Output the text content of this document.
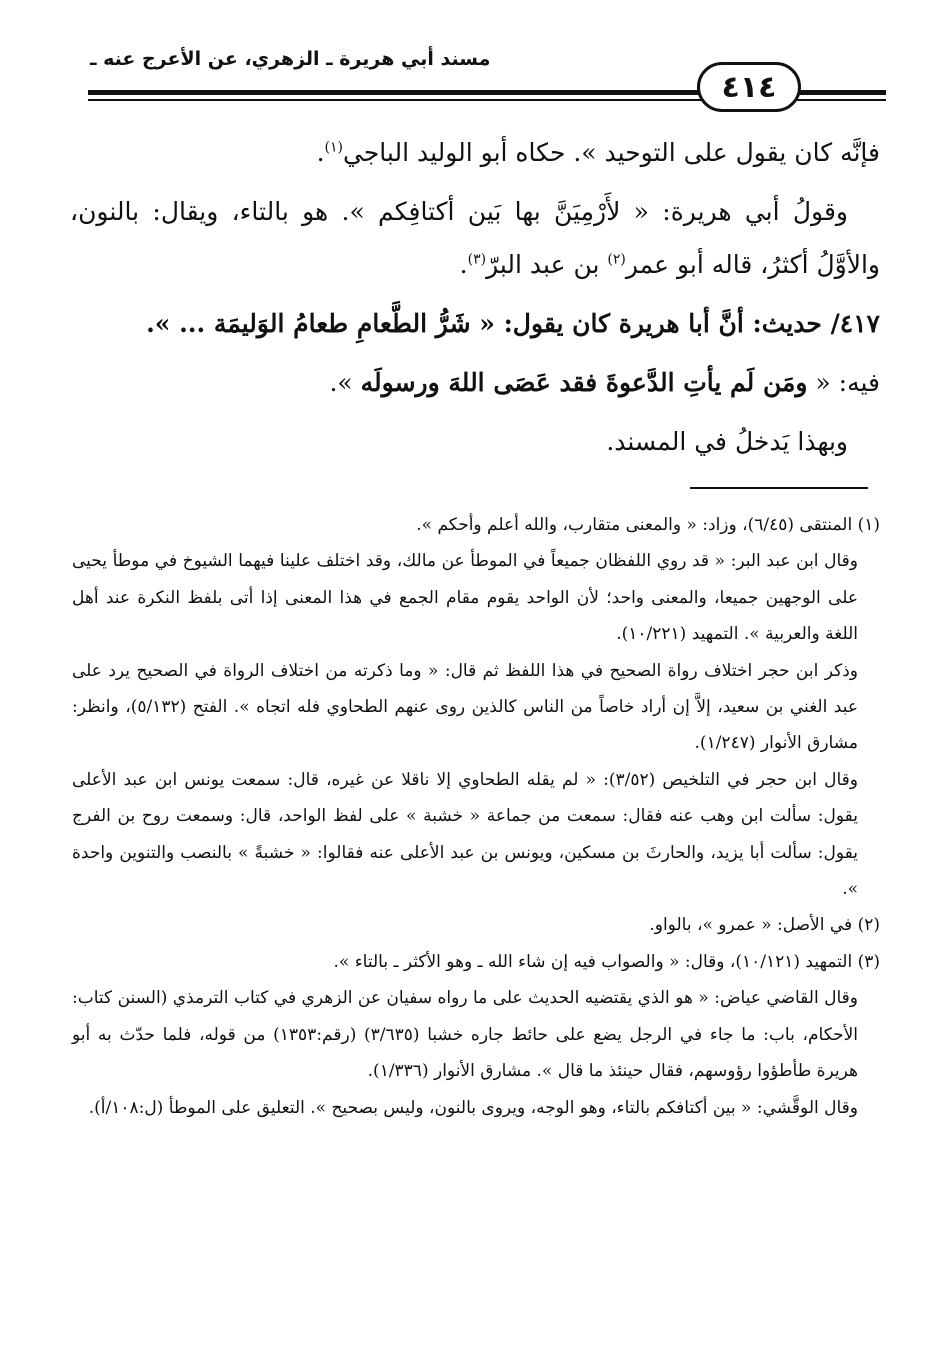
مسند أبي هريرة ـ الزهري، عن الأعرج عنه ـ
٤١٤

فإنَّه كان يقول على التوحيد ». حكاه أبو الوليد الباجي$^{(١)}$.

وقولُ أبي هريرة: « لأَرْمِيَنَّ بها بَين أكتافِكم ». هو بالتاء، ويقال: بالنون، والأوَّلُ أكثرُ، قاله أبو عمر$^{(٢)}$ بن عبد البرّ$^{(٣)}$.

٤١٧/ حديث: أنَّ أبا هريرة كان يقول: « شَرُّ الطَّعامِ طعامُ الوَليمَة ... ».

فيه: « ومَن لَم يأتِ الدَّعوةَ فقد عَصَى اللهَ ورسولَه ».

وبهذا يَدخلُ في المسند.

(١) المنتقى (٦/٤٥)، وزاد: « والمعنى متقارب، والله أعلم وأحكم ».

وقال ابن عبد البر: « قد روي اللفظان جميعاً في الموطأ عن مالك، وقد اختلف علينا فيهما الشيوخ في موطأ يحيى على الوجهين جميعا، والمعنى واحد؛ لأن الواحد يقوم مقام الجمع في هذا المعنى إذا أتى بلفظ النكرة عند أهل اللغة والعربية ». التمهيد (١٠/٢٢١).

وذكر ابن حجر اختلاف رواة الصحيح في هذا اللفظ ثم قال: « وما ذكرته من اختلاف الرواة في الصحيح يرد على عبد الغني بن سعيد، إلاَّ إن أراد خاصاً من الناس كالذين روى عنهم الطحاوي فله اتجاه ». الفتح (٥/١٣٢)، وانظر: مشارق الأنوار (١/٢٤٧).

وقال ابن حجر في التلخيص (٣/٥٢): « لم يقله الطحاوي إلا ناقلا عن غيره، قال: سمعت يونس ابن عبد الأعلى يقول: سألت ابن وهب عنه فقال: سمعت من جماعة « خشبة » على لفظ الواحد، قال: وسمعت روح بن الفرج يقول: سألت أبا يزيد، والحارثَ بن مسكين، ويونس بن عبد الأعلى عنه فقالوا: « خشبةً » بالنصب والتنوين واحدة ».

(٢) في الأصل: « عمرو »، بالواو.

(٣) التمهيد (١٠/١٢١)، وقال: « والصواب فيه إن شاء الله ـ وهو الأكثر ـ بالتاء ».

وقال القاضي عياض: « هو الذي يقتضيه الحديث على ما رواه سفيان عن الزهري في كتاب الترمذي (السنن كتاب: الأحكام، باب: ما جاء في الرجل يضع على حائط جاره خشبا (٣/٦٣٥) (رقم:١٣٥٣) من قوله، فلما حدّث به أبو هريرة طأطؤوا رؤوسهم، فقال حينئذ ما قال ». مشارق الأنوار (١/٣٣٦).

وقال الوقَّشي: « بين أكتافكم بالتاء، وهو الوجه، ويروى بالنون، وليس بصحيح ». التعليق على الموطأ (ل:١٠٨/أ).
